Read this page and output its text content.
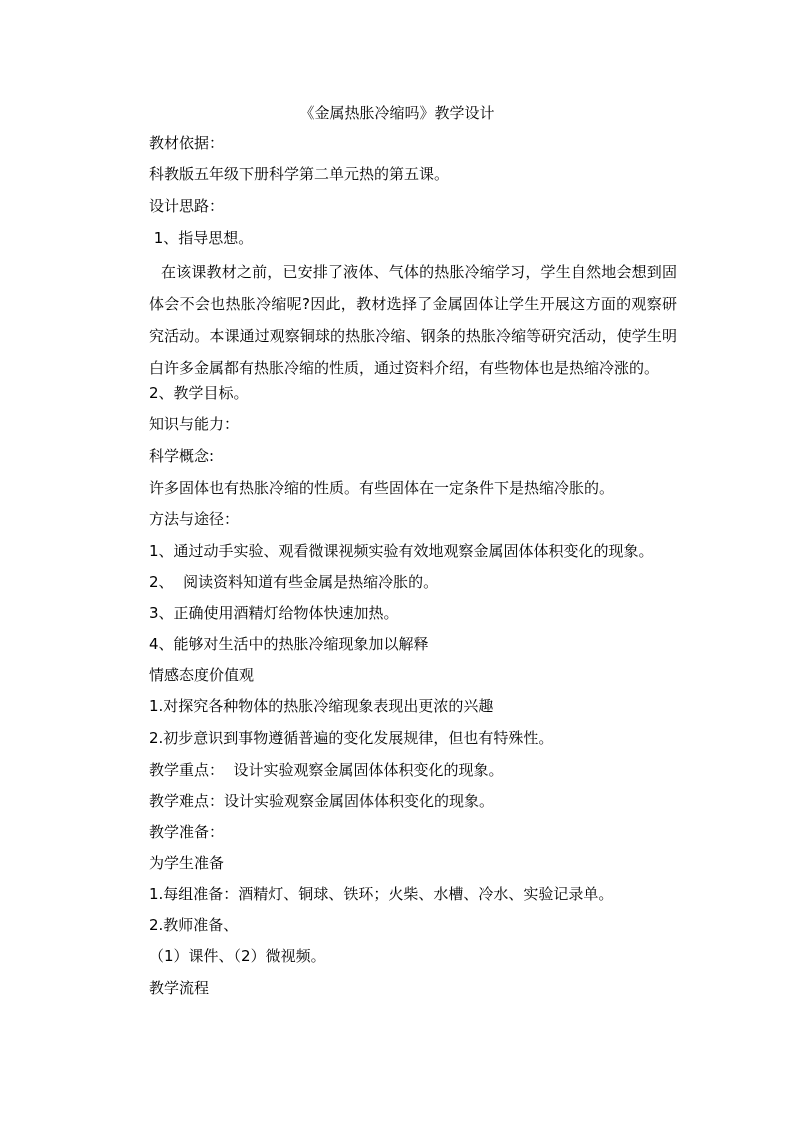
《金属热胀冷缩吗》教学设计
教材依据：
科教版五年级下册科学第二单元热的第五课。
设计思路：
1、指导思想。
在该课教材之前，已安排了液体、气体的热胀冷缩学习，学生自然地会想到固体会不会也热胀冷缩呢?因此，教材选择了金属固体让学生开展这方面的观察研究活动。本课通过观察铜球的热胀冷缩、钢条的热胀冷缩等研究活动，使学生明白许多金属都有热胀冷缩的性质，通过资料介绍，有些物体也是热缩冷涨的。
2、教学目标。
知识与能力：
科学概念:
许多固体也有热胀冷缩的性质。有些固体在一定条件下是热缩冷胀的。
方法与途径：
1、通过动手实验、观看微课视频实验有效地观察金属固体体积变化的现象。
2、  阅读资料知道有些金属是热缩冷胀的。
3、正确使用酒精灯给物体快速加热。
4、能够对生活中的热胀冷缩现象加以解释
情感态度价值观
1.对探究各种物体的热胀冷缩现象表现出更浓的兴趣
2.初步意识到事物遵循普遍的变化发展规律，但也有特殊性。
教学重点：  设计实验观察金属固体体积变化的现象。
教学难点：设计实验观察金属固体体积变化的现象。
教学准备：
为学生准备
1.每组准备：酒精灯、铜球、铁环；火柴、水槽、冷水、实验记录单。
2.教师准备、
（1）课件、（2）微视频。
教学流程
